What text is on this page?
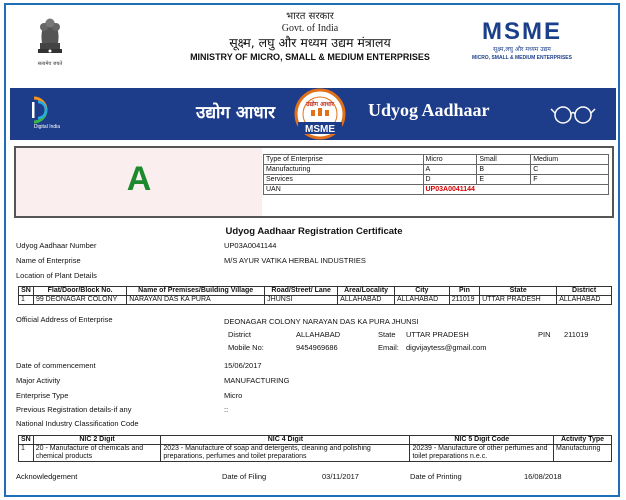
सत्यमेव जयते
भारत सरकार
Govt. of India
सूक्ष्म, लघु और मध्यम उद्यम मंत्रालय
MINISTRY OF MICRO, SMALL & MEDIUM ENTERPRISES
MSME
सूक्ष्म,लघु और मध्यम उद्यम
MICRO, SMALL & MEDIUM ENTERPRISES
Digital India
उद्योग आधार	उद्योग आधार
MSME
Udyog Aadhaar
A
Type of Enterprise	Micro	Small	Medium
Manufacturing	A	B	C
Services	D	E	F
UAN	UP03A0041144		
Udyog Aadhaar Registration Certificate
Udyog Aadhaar Number	UP03A0041144
Name of Enterprise	M/S AYUR VATIKA HERBAL INDUSTRIES
Location of Plant Details
SN	Flat/Door/Block No.	Name of Premises/Building Village	Road/Street/ Lane	Area/Locality	City	Pin	State	District
1	99 DEONAGAR COLONY	NARAYAN DAS KA PURA	JHUNSI	ALLAHABAD	ALLAHABAD	211019	UTTAR PRADESH	ALLAHABAD
Official Address of Enterprise	DEONAGAR COLONY NARAYAN DAS KA PURA JHUNSI
District	ALLAHABAD	State UTTAR PRADESH	PIN 211019
Mobile No:	9454969686	Email: digvijaytess@gmail.com
Date of commencement	15/06/2017
Major Activity	MANUFACTURING
Enterprise Type	Micro
Previous Registration details-if any	::
National Industry Classification Code
SN	NIC 2 Digit	NIC 4 Digit	NIC 5 Digit Code	Activity Type
1	20 - Manufacture of chemicals and chemical products	2023 - Manufacture of soap and detergents, cleaning and polishing preparations, perfumes and toilet preparations	20239 - Manufacture of other perfumes and toilet preparations n.e.c.	Manufacturing
Acknowledgement	Date of Filing	03/11/2017	Date of Printing	16/08/2018
